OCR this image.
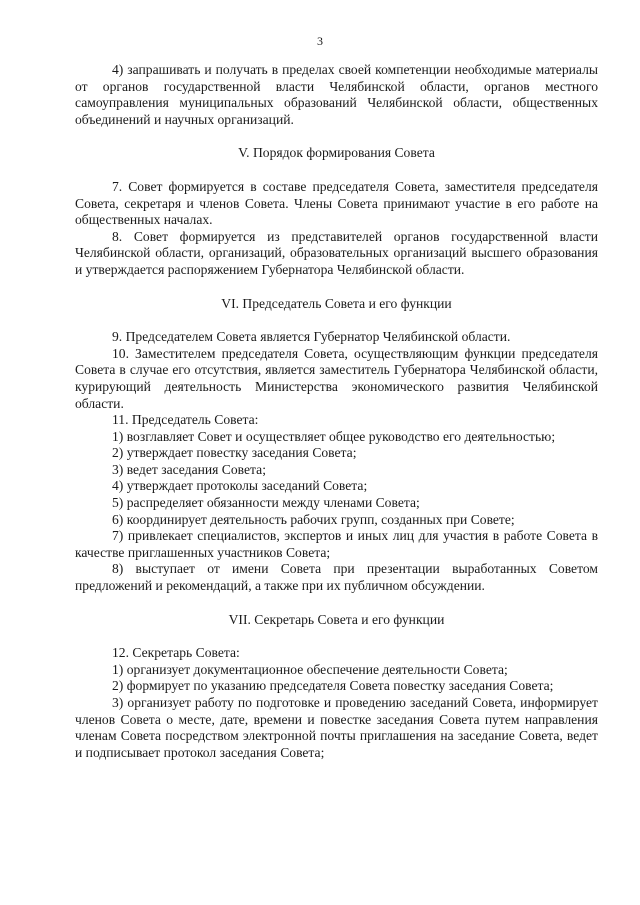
3

4) запрашивать и получать в пределах своей компетенции необходимые материалы от органов государственной власти Челябинской области, органов местного самоуправления муниципальных образований Челябинской области, общественных объединений и научных организаций.

V. Порядок формирования Совета

7. Совет формируется в составе председателя Совета, заместителя председателя Совета, секретаря и членов Совета. Члены Совета принимают участие в его работе на общественных началах.

8. Совет формируется из представителей органов государственной власти Челябинской области, организаций, образовательных организаций высшего образования и утверждается распоряжением Губернатора Челябинской области.

VI. Председатель Совета и его функции

9. Председателем Совета является Губернатор Челябинской области.

10. Заместителем председателя Совета, осуществляющим функции председателя Совета в случае его отсутствия, является заместитель Губернатора Челябинской области, курирующий деятельность Министерства экономического развития Челябинской области.

11. Председатель Совета:

1) возглавляет Совет и осуществляет общее руководство его деятельностью;

2) утверждает повестку заседания Совета;

3) ведет заседания Совета;

4) утверждает протоколы заседаний Совета;

5) распределяет обязанности между членами Совета;

6) координирует деятельность рабочих групп, созданных при Совете;

7) привлекает специалистов, экспертов и иных лиц для участия в работе Совета в качестве приглашенных участников Совета;

8) выступает от имени Совета при презентации выработанных Советом предложений и рекомендаций, а также при их публичном обсуждении.

VII. Секретарь Совета и его функции

12. Секретарь Совета:

1) организует документационное обеспечение деятельности Совета;

2) формирует по указанию председателя Совета повестку заседания Совета;

3) организует работу по подготовке и проведению заседаний Совета, информирует членов Совета о месте, дате, времени и повестке заседания Совета путем направления членам Совета посредством электронной почты приглашения на заседание Совета, ведет и подписывает протокол заседания Совета;
